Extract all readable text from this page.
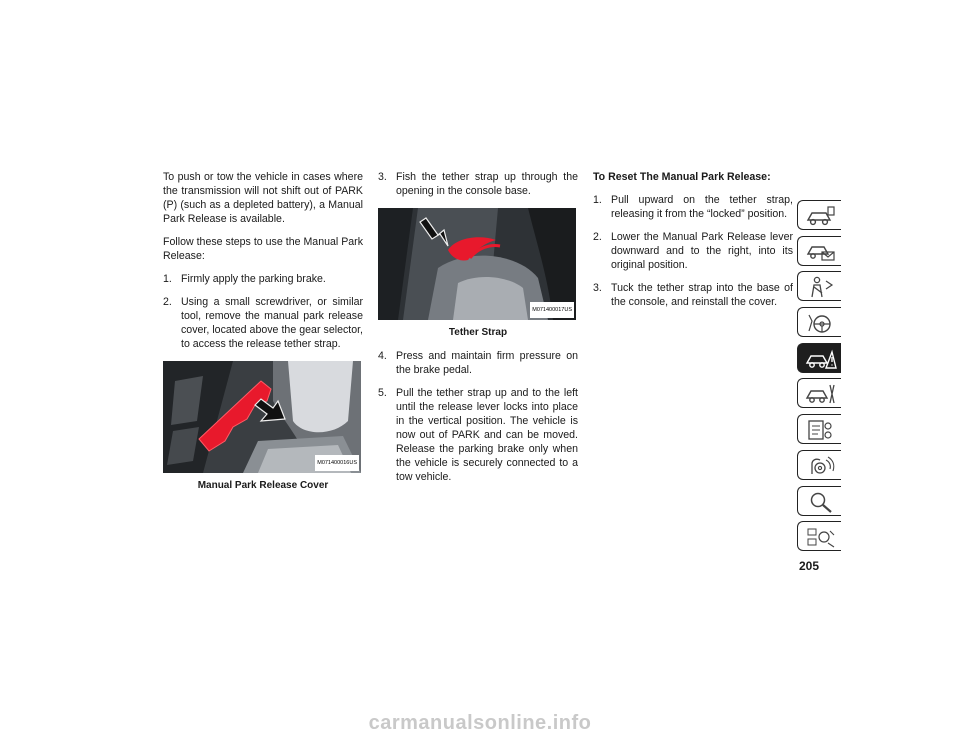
To push or tow the vehicle in cases where the transmission will not shift out of PARK (P) (such as a depleted battery), a Manual Park Release is available.

Follow these steps to use the Manual Park Release:

1. Firmly apply the parking brake.
2. Using a small screwdriver, or similar tool, remove the manual park release cover, located above the gear selector, to access the release tether strap.
M071400016US

Manual Park Release Cover

3. Fish the tether strap up through the opening in the console base.
M071400017US

Tether Strap

4. Press and maintain firm pressure on the brake pedal.
5. Pull the tether strap up and to the left until the release lever locks into place in the vertical position. The vehicle is now out of PARK and can be moved. Release the parking brake only when the vehicle is securely connected to a tow vehicle.

To Reset The Manual Park Release:

1. Pull upward on the tether strap, releasing it from the “locked” position.
2. Lower the Manual Park Release lever downward and to the right, into its original position.
3. Tuck the tether strap into the base of the console, and reinstall the cover.
205
carmanualsonline.info
